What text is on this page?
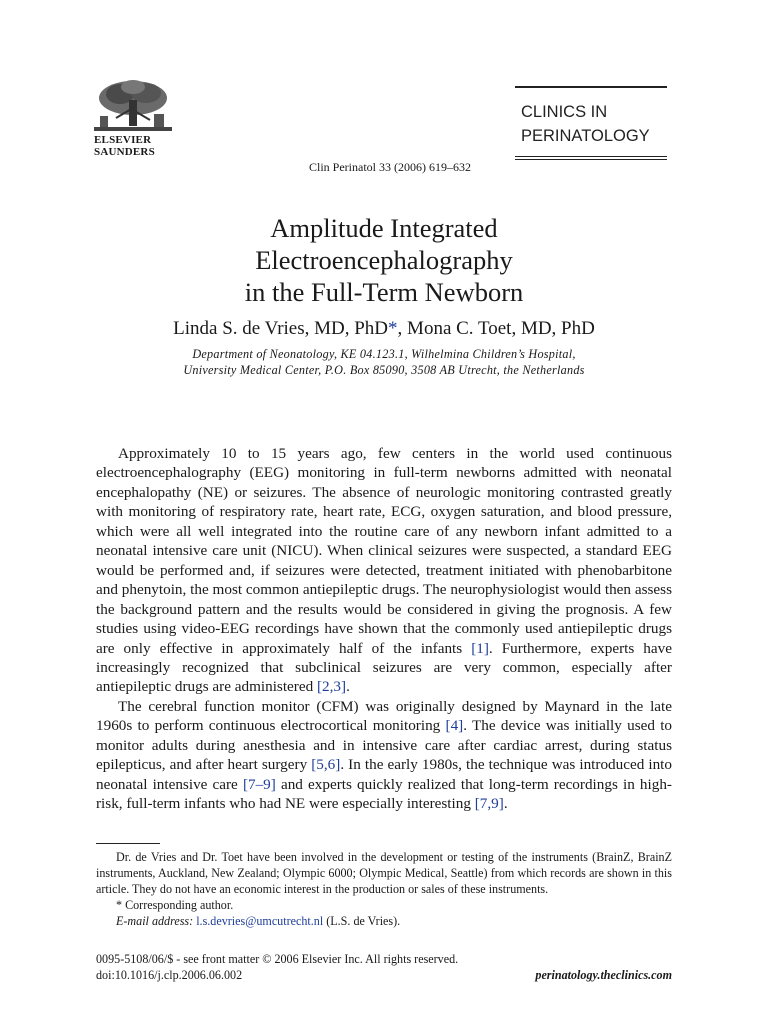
ELSEVIER
SAUNDERS
Clin Perinatol 33 (2006) 619–632
CLINICS IN
PERINATOLOGY
Amplitude Integrated
Electroencephalography
in the Full-Term Newborn
Linda S. de Vries, MD, PhD*, Mona C. Toet, MD, PhD
Department of Neonatology, KE 04.123.1, Wilhelmina Children’s Hospital,
University Medical Center, P.O. Box 85090, 3508 AB Utrecht, the Netherlands

Approximately 10 to 15 years ago, few centers in the world used continuous electroencephalography (EEG) monitoring in full-term newborns admitted with neonatal encephalopathy (NE) or seizures. The absence of neurologic monitoring contrasted greatly with monitoring of respiratory rate, heart rate, ECG, oxygen saturation, and blood pressure, which were all well integrated into the routine care of any newborn infant admitted to a neonatal intensive care unit (NICU). When clinical seizures were suspected, a standard EEG would be performed and, if seizures were detected, treatment initiated with phenobarbitone and phenytoin, the most common antiepileptic drugs. The neurophysiologist would then assess the background pattern and the results would be considered in giving the prognosis. A few studies using video-EEG recordings have shown that the commonly used antiepileptic drugs are only effective in approximately half of the infants [1]. Furthermore, experts have increasingly recognized that subclinical seizures are very common, especially after antiepileptic drugs are administered [2,3].

The cerebral function monitor (CFM) was originally designed by Maynard in the late 1960s to perform continuous electrocortical monitoring [4]. The device was initially used to monitor adults during anesthesia and in intensive care after cardiac arrest, during status epilepticus, and after heart surgery [5,6]. In the early 1980s, the technique was introduced into neonatal intensive care [7–9] and experts quickly realized that long-term recordings in high-risk, full-term infants who had NE were especially interesting [7,9].

Dr. de Vries and Dr. Toet have been involved in the development or testing of the instruments (BrainZ, BrainZ instruments, Auckland, New Zealand; Olympic 6000; Olympic Medical, Seattle) from which records are shown in this article. They do not have an economic interest in the production or sales of these instruments.

* Corresponding author.

E-mail address: l.s.devries@umcutrecht.nl (L.S. de Vries).

0095-5108/06/$ - see front matter © 2006 Elsevier Inc. All rights reserved.
doi:10.1016/j.clp.2006.06.002	perinatology.theclinics.com
